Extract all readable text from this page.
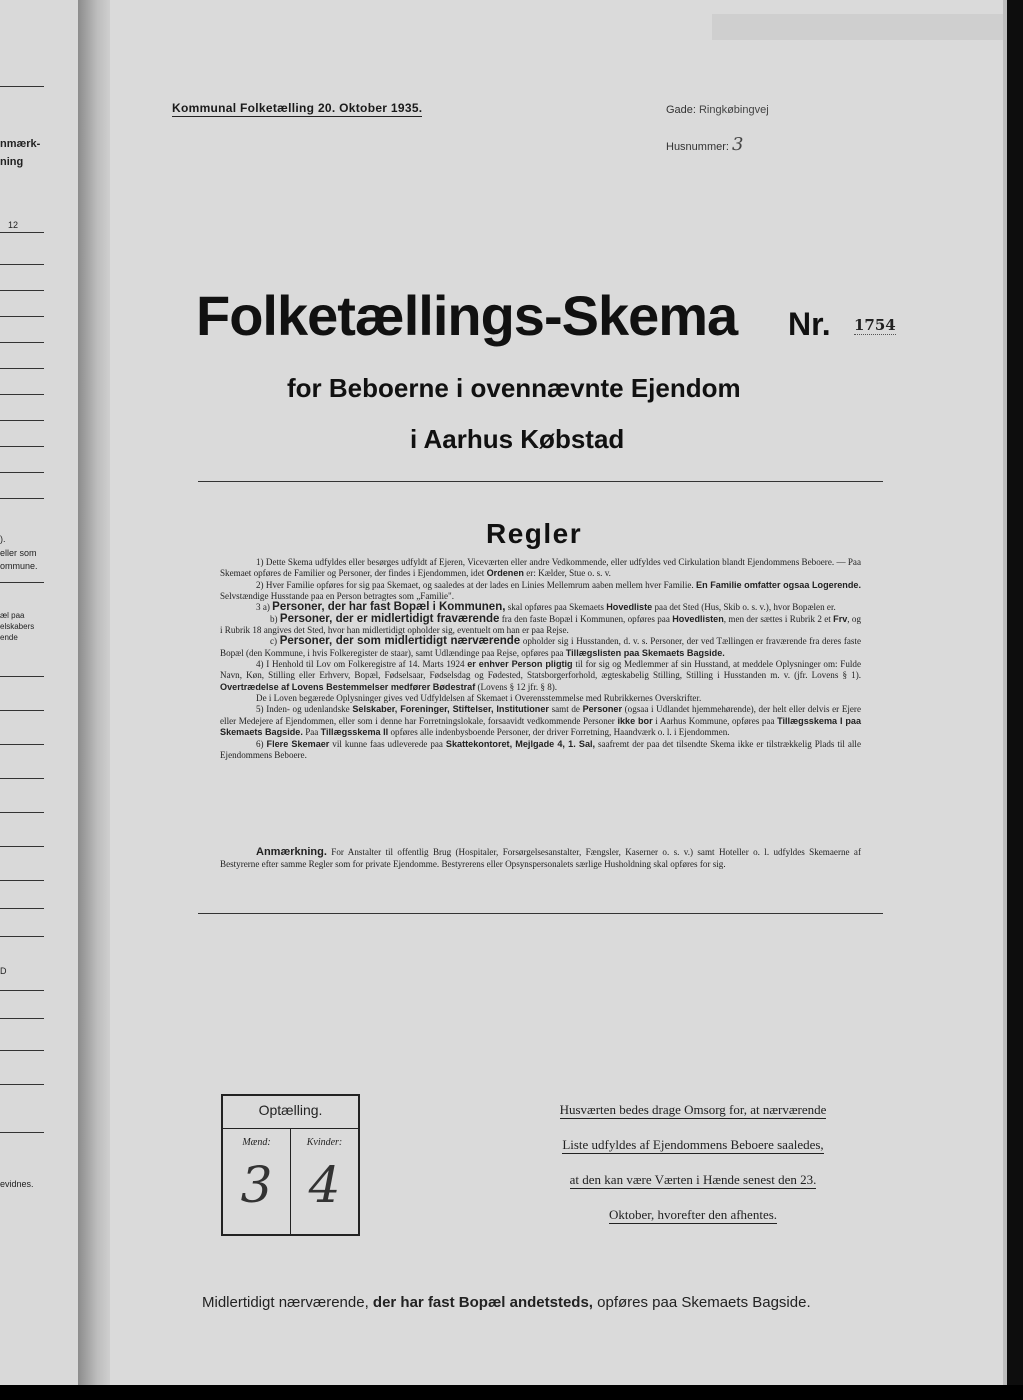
nmærk-
ning
12
).
eller som
ommune.
æl paa
elskabers
ende
D
evidnes.
Kommunal Folketælling 20. Oktober 1935.	Gade: Ringkøbingvej
Husnummer: 3
Folketællings-Skema Nr. 1754
for Beboerne i ovennævnte Ejendom
i Aarhus Købstad
Regler

1) Dette Skema udfyldes eller besørges udfyldt af Ejeren, Viceværten eller andre Vedkommende, eller udfyldes ved Cirkulation blandt Ejendommens Beboere. — Paa Skemaet opføres de Familier og Personer, der findes i Ejendommen, idet Ordenen er: Kælder, Stue o. s. v.

2) Hver Familie opføres for sig paa Skemaet, og saaledes at der lades en Linies Mellemrum aaben mellem hver Familie. En Familie omfatter ogsaa Logerende. Selvstændige Husstande paa en Person betragtes som „Familie".

3 a) Personer, der har fast Bopæl i Kommunen, skal opføres paa Skemaets Hovedliste paa det Sted (Hus, Skib o. s. v.), hvor Bopælen er.

b) Personer, der er midlertidigt fraværende fra den faste Bopæl i Kommunen, opføres paa Hovedlisten, men der sættes i Rubrik 2 et Frv, og i Rubrik 18 angives det Sted, hvor han midlertidigt opholder sig, eventuelt om han er paa Rejse.

c) Personer, der som midlertidigt nærværende opholder sig i Husstanden, d. v. s. Personer, der ved Tællingen er fraværende fra deres faste Bopæl (den Kommune, i hvis Folkeregister de staar), samt Udlændinge paa Rejse, opføres paa Tillægslisten paa Skemaets Bagside.

4) I Henhold til Lov om Folkeregistre af 14. Marts 1924 er enhver Person pligtig til for sig og Medlemmer af sin Husstand, at meddele Oplysninger om: Fulde Navn, Køn, Stilling eller Erhverv, Bopæl, Fødselsaar, Fødselsdag og Fødested, Statsborgerforhold, ægteskabelig Stilling, Stilling i Husstanden m. v. (jfr. Lovens § 1). Overtrædelse af Lovens Bestemmelser medfører Bødestraf (Lovens § 12 jfr. § 8).

De i Loven begærede Oplysninger gives ved Udfyldelsen af Skemaet i Overensstemmelse med Rubrikkernes Overskrifter.

5) Inden- og udenlandske Selskaber, Foreninger, Stiftelser, Institutioner samt de Personer (ogsaa i Udlandet hjemmehørende), der helt eller delvis er Ejere eller Medejere af Ejendommen, eller som i denne har Forretningslokale, forsaavidt vedkommende Personer ikke bor i Aarhus Kommune, opføres paa Tillægsskema I paa Skemaets Bagside. Paa Tillægsskema II opføres alle indenbysboende Personer, der driver Forretning, Haandværk o. l. i Ejendommen.

6) Flere Skemaer vil kunne faas udleverede paa Skattekontoret, Mejlgade 4, 1. Sal, saafremt der paa det tilsendte Skema ikke er tilstrækkelig Plads til alle Ejendommens Beboere.

Anmærkning. For Anstalter til offentlig Brug (Hospitaler, Forsørgelsesanstalter, Fængsler, Kaserner o. s. v.) samt Hoteller o. l. udfyldes Skemaerne af Bestyrerne efter samme Regler som for private Ejendomme. Bestyrerens eller Opsynspersonalets særlige Husholdning skal opføres for sig.

Optælling.
Mænd:	Kvinder:
3 4
Husværten bedes drage Omsorg for, at nærværende
Liste udfyldes af Ejendommens Beboere saaledes,
at den kan være Værten i Hænde senest den 23.
Oktober, hvorefter den afhentes.
Midlertidigt nærværende, der har fast Bopæl andetsteds, opføres paa Skemaets Bagside.
